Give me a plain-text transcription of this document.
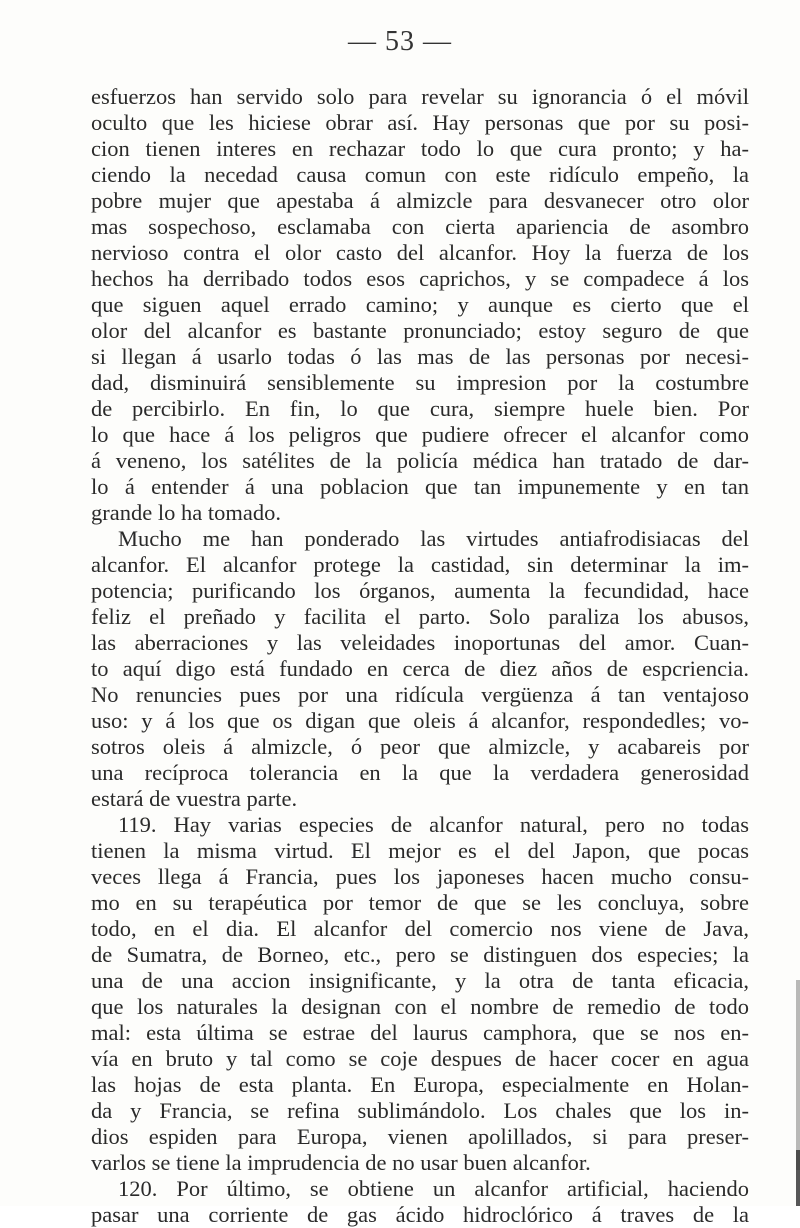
— 53 —
esfuerzos han servido solo para revelar su ignorancia ó el móvil
oculto que les hiciese obrar así. Hay personas que por su posi-
cion tienen interes en rechazar todo lo que cura pronto; y ha-
ciendo la necedad causa comun con este ridículo empeño, la
pobre mujer que apestaba á almizcle para desvanecer otro olor
mas sospechoso, esclamaba con cierta apariencia de asombro
nervioso contra el olor casto del alcanfor. Hoy la fuerza de los
hechos ha derribado todos esos caprichos, y se compadece á los
que siguen aquel errado camino; y aunque es cierto que el
olor del alcanfor es bastante pronunciado; estoy seguro de que
si llegan á usarlo todas ó las mas de las personas por necesi-
dad, disminuirá sensiblemente su impresion por la costumbre
de percibirlo. En fin, lo que cura, siempre huele bien. Por
lo que hace á los peligros que pudiere ofrecer el alcanfor como
á veneno, los satélites de la policía médica han tratado de dar-
lo á entender á una poblacion que tan impunemente y en tan
grande lo ha tomado.
Mucho me han ponderado las virtudes antiafrodisiacas del
alcanfor. El alcanfor protege la castidad, sin determinar la im-
potencia; purificando los órganos, aumenta la fecundidad, hace
feliz el preñado y facilita el parto. Solo paraliza los abusos,
las aberraciones y las veleidades inoportunas del amor. Cuan-
to aquí digo está fundado en cerca de diez años de espcriencia.
No renuncies pues por una ridícula vergüenza á tan ventajoso
uso: y á los que os digan que oleis á alcanfor, respondedles; vo-
sotros oleis á almizcle, ó peor que almizcle, y acabareis por
una recíproca tolerancia en la que la verdadera generosidad
estará de vuestra parte.
119. Hay varias especies de alcanfor natural, pero no todas
tienen la misma virtud. El mejor es el del Japon, que pocas
veces llega á Francia, pues los japoneses hacen mucho consu-
mo en su terapéutica por temor de que se les concluya, sobre
todo, en el dia. El alcanfor del comercio nos viene de Java,
de Sumatra, de Borneo, etc., pero se distinguen dos especies; la
una de una accion insignificante, y la otra de tanta eficacia,
que los naturales la designan con el nombre de remedio de todo
mal: esta última se estrae del laurus camphora, que se nos en-
vía en bruto y tal como se coje despues de hacer cocer en agua
las hojas de esta planta. En Europa, especialmente en Holan-
da y Francia, se refina sublimándolo. Los chales que los in-
dios espiden para Europa, vienen apolillados, si para preser-
varlos se tiene la imprudencia de no usar buen alcanfor.
120. Por último, se obtiene un alcanfor artificial, haciendo
pasar una corriente de gas ácido hidroclórico á traves de la
